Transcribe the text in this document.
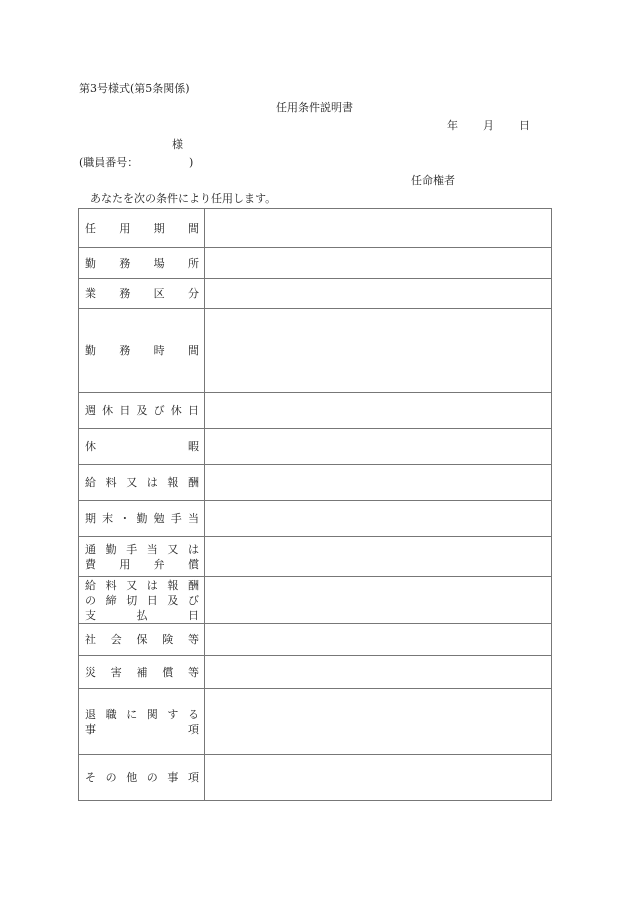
第3号様式(第5条関係)
任用条件説明書
年 月 日
様
(職員番号：	)
任命権者
あなたを次の条件により任用します。
任 用 期 間	

勤 務 場 所	

業 務 区 分	

勤 務 時 間	

週 休 日 及 び 休 日

休 暇	

給 料 又 は 報 酬

期 末 ・ 勤 勉 手 当

通 勤 手 当 又 は
費 用 弁 償

給 料 又 は 報 酬
の 締 切 日 及 び
支	払	日

社 会 保 険 等	

災 害 補 償 等	

退 職 に 関 す る
事	項

そ の 他 の 事 項
